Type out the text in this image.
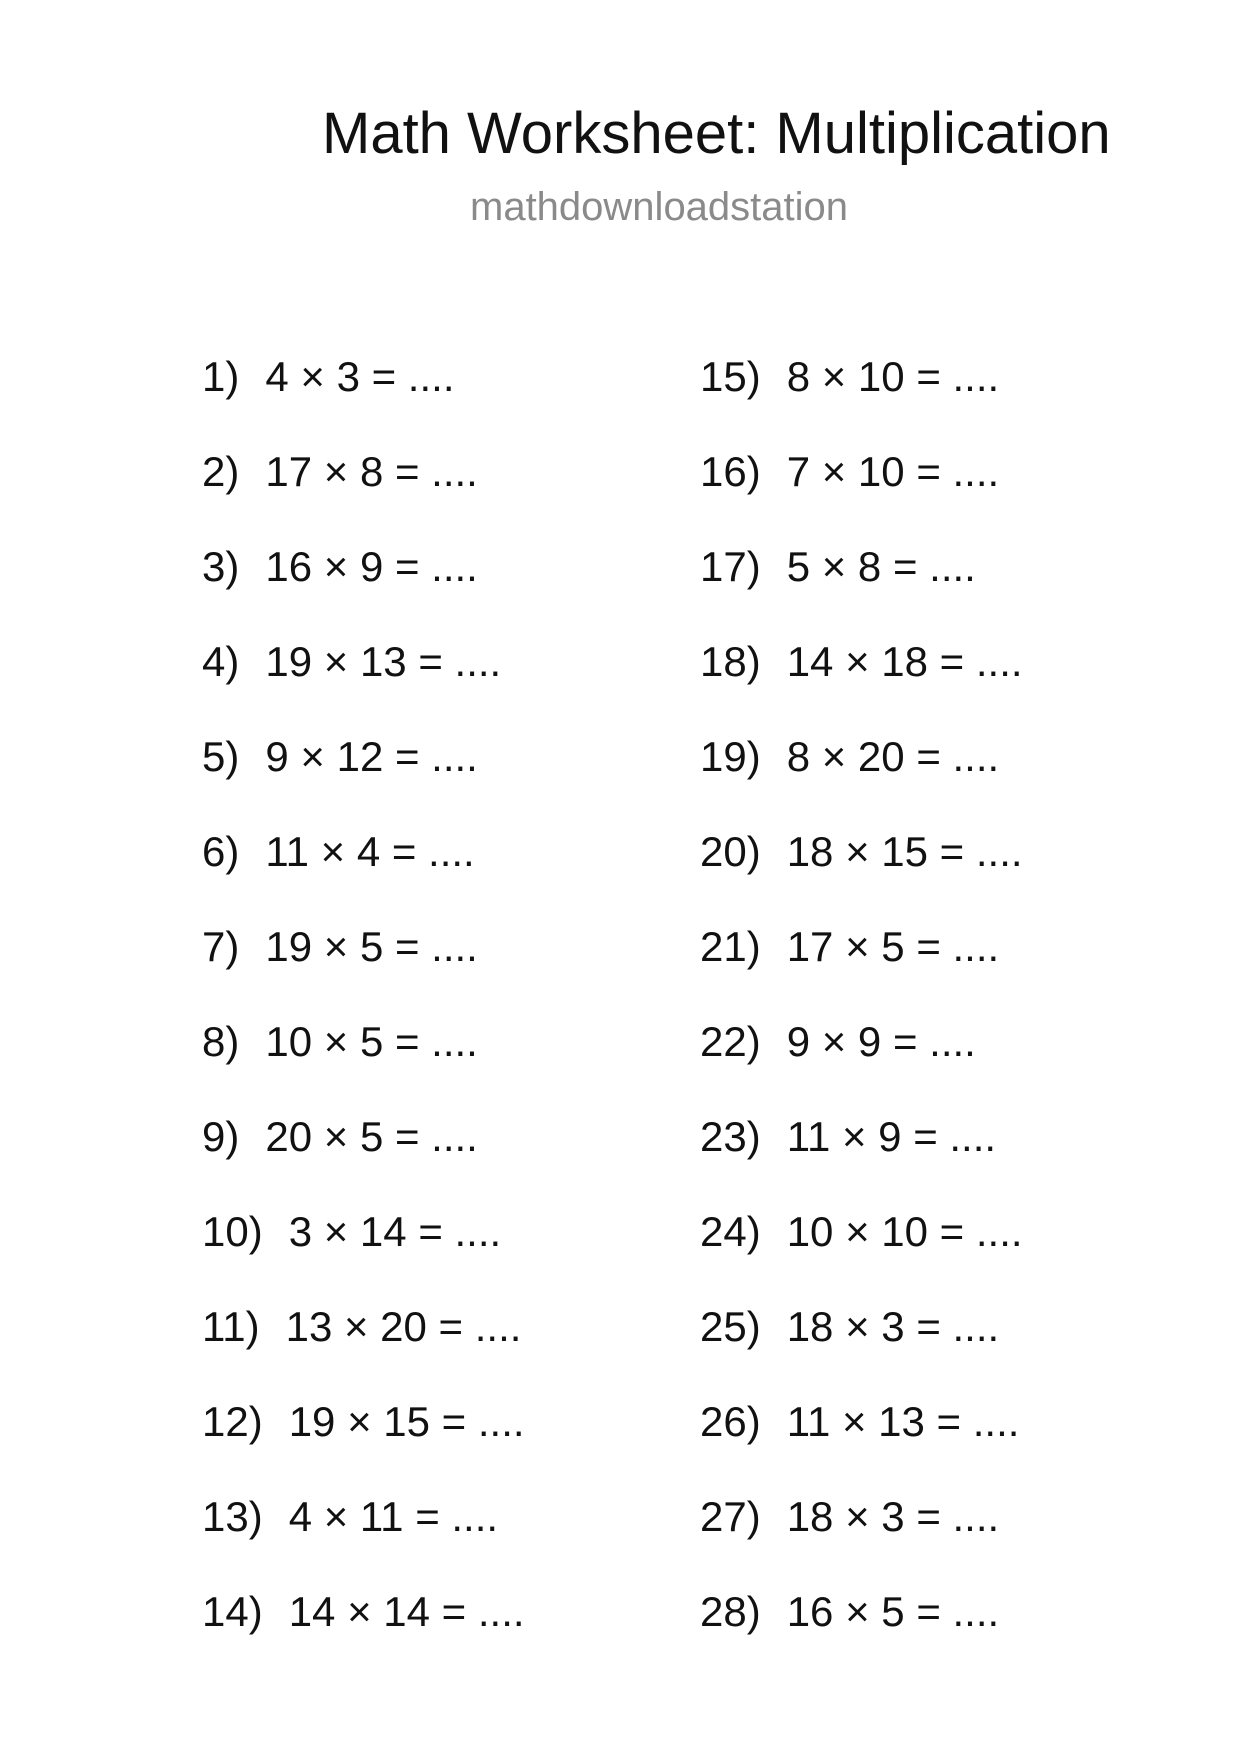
Math Worksheet: Multiplication
mathdownloadstation
1) 4 × 3 = ....
2) 17 × 8 = ....
3) 16 × 9 = ....
4) 19 × 13 = ....
5) 9 × 12 = ....
6) 11 × 4 = ....
7) 19 × 5 = ....
8) 10 × 5 = ....
9) 20 × 5 = ....
10) 3 × 14 = ....
11) 13 × 20 = ....
12) 19 × 15 = ....
13) 4 × 11 = ....
14) 14 × 14 = ....
15) 8 × 10 = ....
16) 7 × 10 = ....
17) 5 × 8 = ....
18) 14 × 18 = ....
19) 8 × 20 = ....
20) 18 × 15 = ....
21) 17 × 5 = ....
22) 9 × 9 = ....
23) 11 × 9 = ....
24) 10 × 10 = ....
25) 18 × 3 = ....
26) 11 × 13 = ....
27) 18 × 3 = ....
28) 16 × 5 = ....
